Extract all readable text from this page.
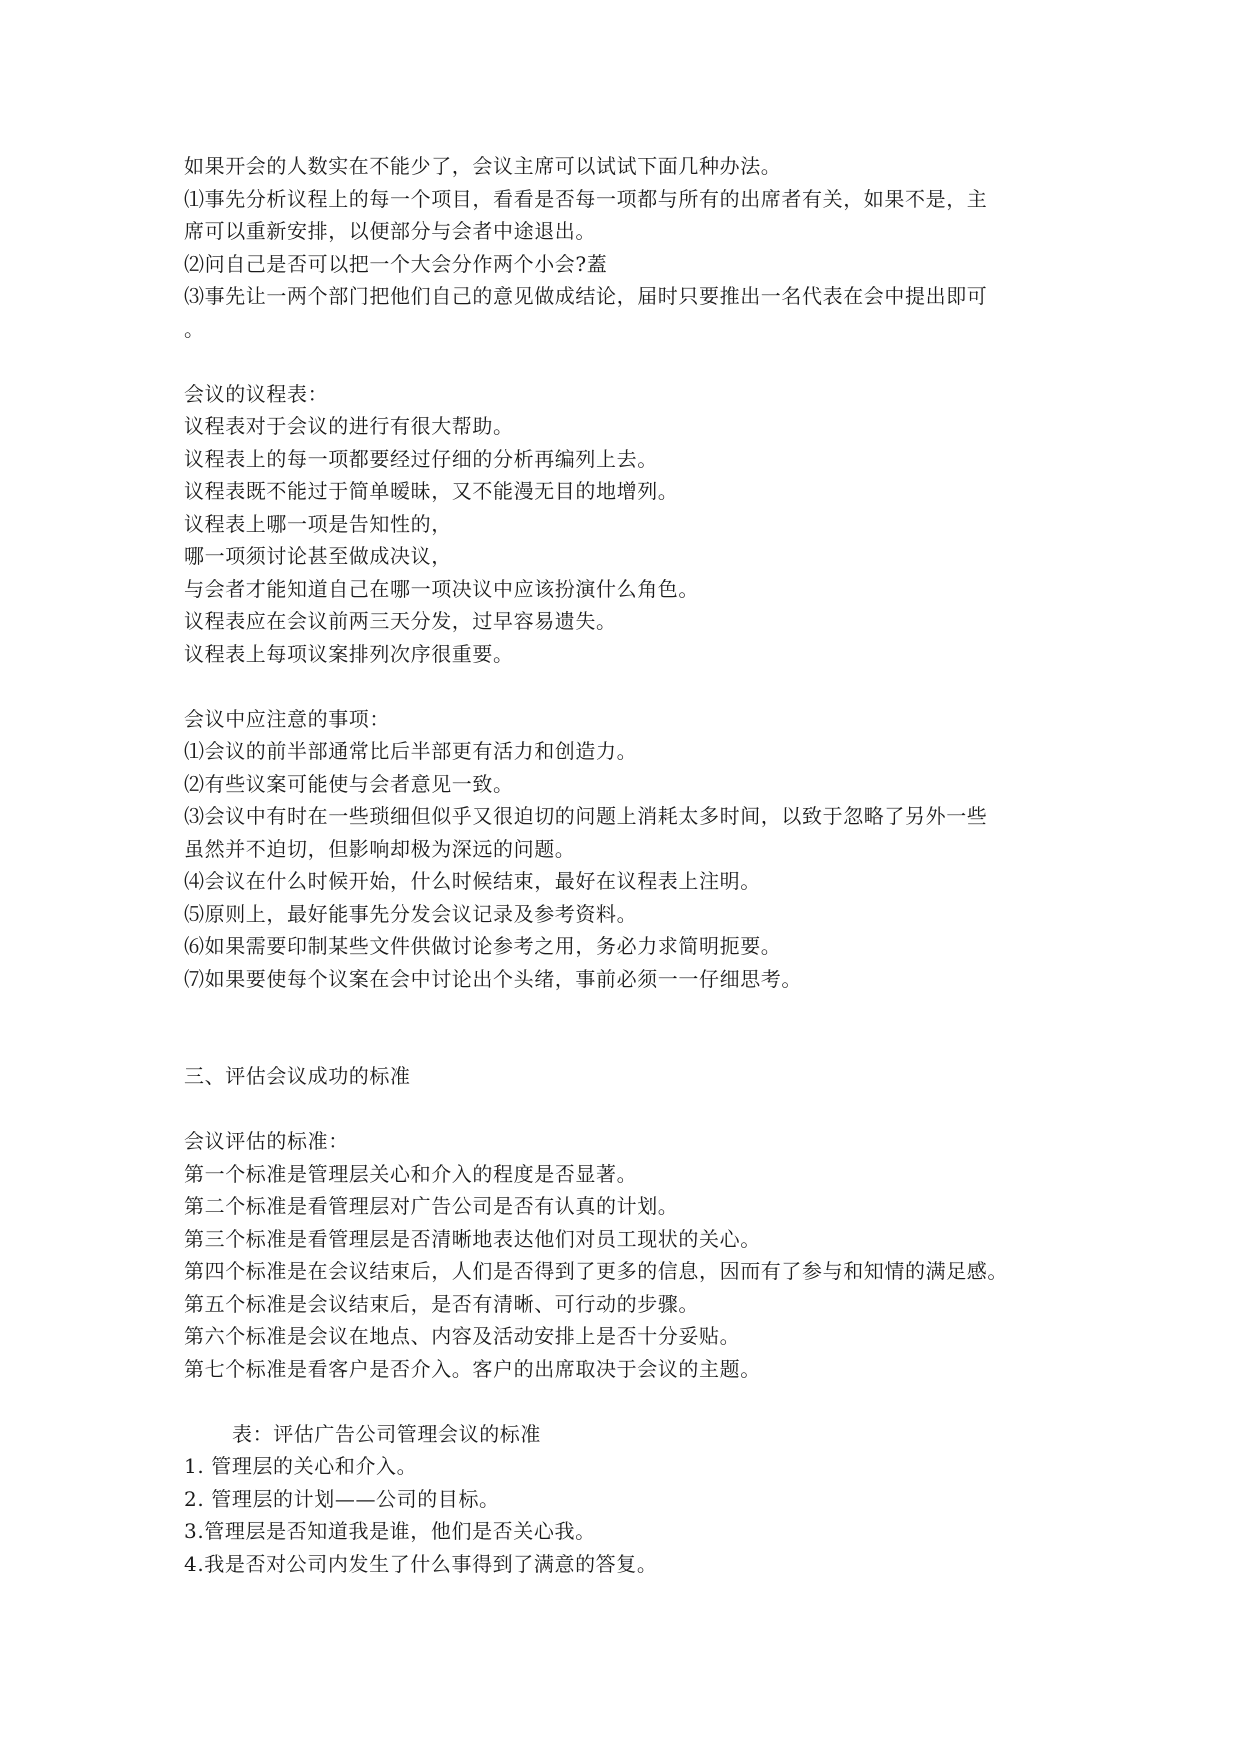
如果开会的人数实在不能少了，会议主席可以试试下面几种办法。
⑴事先分析议程上的每一个项目，看看是否每一项都与所有的出席者有关，如果不是，主
席可以重新安排，以便部分与会者中途退出。
⑵问自己是否可以把一个大会分作两个小会?蓋
⑶事先让一两个部门把他们自己的意见做成结论，届时只要推出一名代表在会中提出即可
。
会议的议程表：
议程表对于会议的进行有很大帮助。
议程表上的每一项都要经过仔细的分析再编列上去。
议程表既不能过于简单暧昧，又不能漫无目的地增列。
议程表上哪一项是告知性的，
哪一项须讨论甚至做成决议，
与会者才能知道自己在哪一项决议中应该扮演什么角色。
议程表应在会议前两三天分发，过早容易遗失。
议程表上每项议案排列次序很重要。
会议中应注意的事项：
⑴会议的前半部通常比后半部更有活力和创造力。
⑵有些议案可能使与会者意见一致。
⑶会议中有时在一些琐细但似乎又很迫切的问题上消耗太多时间，以致于忽略了另外一些
虽然并不迫切，但影响却极为深远的问题。
⑷会议在什么时候开始，什么时候结束，最好在议程表上注明。
⑸原则上，最好能事先分发会议记录及参考资料。
⑹如果需要印制某些文件供做讨论参考之用，务必力求简明扼要。
⑺如果要使每个议案在会中讨论出个头绪，事前必须一一仔细思考。
三、评估会议成功的标准
会议评估的标准：
第一个标准是管理层关心和介入的程度是否显著。
第二个标准是看管理层对广告公司是否有认真的计划。
第三个标准是看管理层是否清晰地表达他们对员工现状的关心。
第四个标准是在会议结束后，人们是否得到了更多的信息，因而有了参与和知情的满足感。
第五个标准是会议结束后，是否有清晰、可行动的步骤。
第六个标准是会议在地点、内容及活动安排上是否十分妥贴。
第七个标准是看客户是否介入。客户的出席取决于会议的主题。
表：评估广告公司管理会议的标准
1. 管理层的关心和介入。
2. 管理层的计划——公司的目标。
3.管理层是否知道我是谁，他们是否关心我。
4.我是否对公司内发生了什么事得到了满意的答复。
